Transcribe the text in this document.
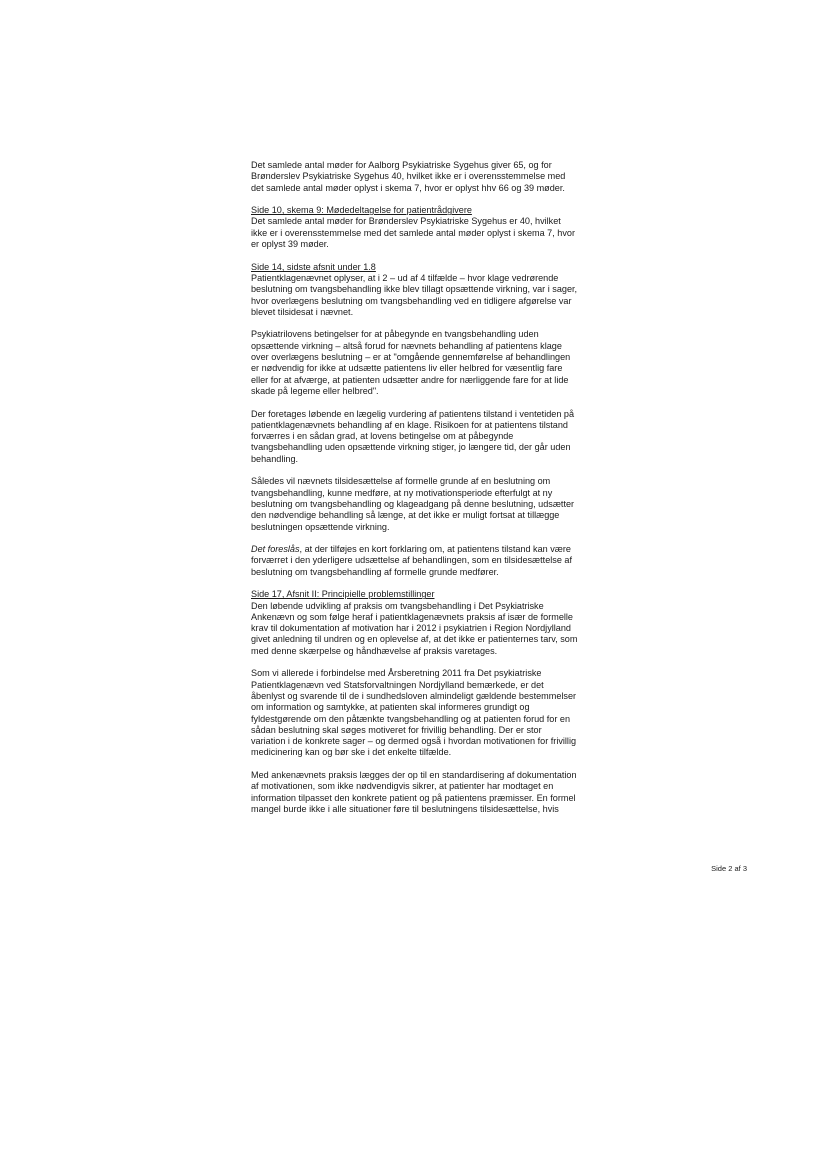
Det samlede antal møder for Aalborg Psykiatriske Sygehus giver 65, og for
Brønderslev Psykiatriske Sygehus 40, hvilket ikke er i overensstemmelse med
det samlede antal møder oplyst i skema 7, hvor er oplyst hhv 66 og 39 møder.
Side 10, skema 9: Mødedeltagelse for patientrådgivere
Det samlede antal møder for Brønderslev Psykiatriske Sygehus er 40, hvilket
ikke er i overensstemmelse med det samlede antal møder oplyst i skema 7, hvor
er oplyst 39 møder.
Side 14, sidste afsnit under 1.8
Patientklagenævnet oplyser, at i 2 – ud af 4 tilfælde – hvor klage vedrørende
beslutning om tvangsbehandling ikke blev tillagt opsættende virkning, var i sager,
hvor overlægens beslutning om tvangsbehandling ved en tidligere afgørelse var
blevet tilsidesat i nævnet.
Psykiatrilovens betingelser for at påbegynde en tvangsbehandling uden
opsættende virkning – altså forud for nævnets behandling af patientens klage
over overlægens beslutning – er at "omgående gennemførelse af behandlingen
er nødvendig for ikke at udsætte patientens liv eller helbred for væsentlig fare
eller for at afværge, at patienten udsætter andre for nærliggende fare for at lide
skade på legeme eller helbred".
Der foretages løbende en lægelig vurdering af patientens tilstand i ventetiden på
patientklagenævnets behandling af en klage. Risikoen for at patientens tilstand
forværres i en sådan grad, at lovens betingelse om at påbegynde
tvangsbehandling uden opsættende virkning stiger, jo længere tid, der går uden
behandling.
Således vil nævnets tilsidesættelse af formelle grunde af en beslutning om
tvangsbehandling, kunne medføre, at ny motivationsperiode efterfulgt at ny
beslutning om tvangsbehandling og klageadgang på denne beslutning, udsætter
den nødvendige behandling så længe, at det ikke er muligt fortsat at tillægge
beslutningen opsættende virkning.
Det foreslås, at der tilføjes en kort forklaring om, at patientens tilstand kan være
forværret i den yderligere udsættelse af behandlingen, som en tilsidesættelse af
beslutning om tvangsbehandling af formelle grunde medfører.
Side 17, Afsnit II: Principielle problemstillinger
Den løbende udvikling af praksis om tvangsbehandling i Det Psykiatriske
Ankenævn og som følge heraf i patientklagenævnets praksis af især de formelle
krav til dokumentation af motivation har i 2012 i psykiatrien i Region Nordjylland
givet anledning til undren og en oplevelse af, at det ikke er patienternes tarv, som
med denne skærpelse og håndhævelse af praksis varetages.
Som vi allerede i forbindelse med Årsberetning 2011 fra Det psykiatriske
Patientklagenævn ved Statsforvaltningen Nordjylland bemærkede, er det
åbenlyst og svarende til de i sundhedsloven almindeligt gældende bestemmelser
om information og samtykke, at patienten skal informeres grundigt og
fyldestgørende om den påtænkte tvangsbehandling og at patienten forud for en
sådan beslutning skal søges motiveret for frivillig behandling. Der er stor
variation i de konkrete sager – og dermed også i hvordan motivationen for frivillig
medicinering kan og bør ske i det enkelte tilfælde.
Med ankenævnets praksis lægges der op til en standardisering af dokumentation
af motivationen, som ikke nødvendigvis sikrer, at patienter har modtaget en
information tilpasset den konkrete patient og på patientens præmisser. En formel
mangel burde ikke i alle situationer føre til beslutningens tilsidesættelse, hvis
Side 2 af 3
